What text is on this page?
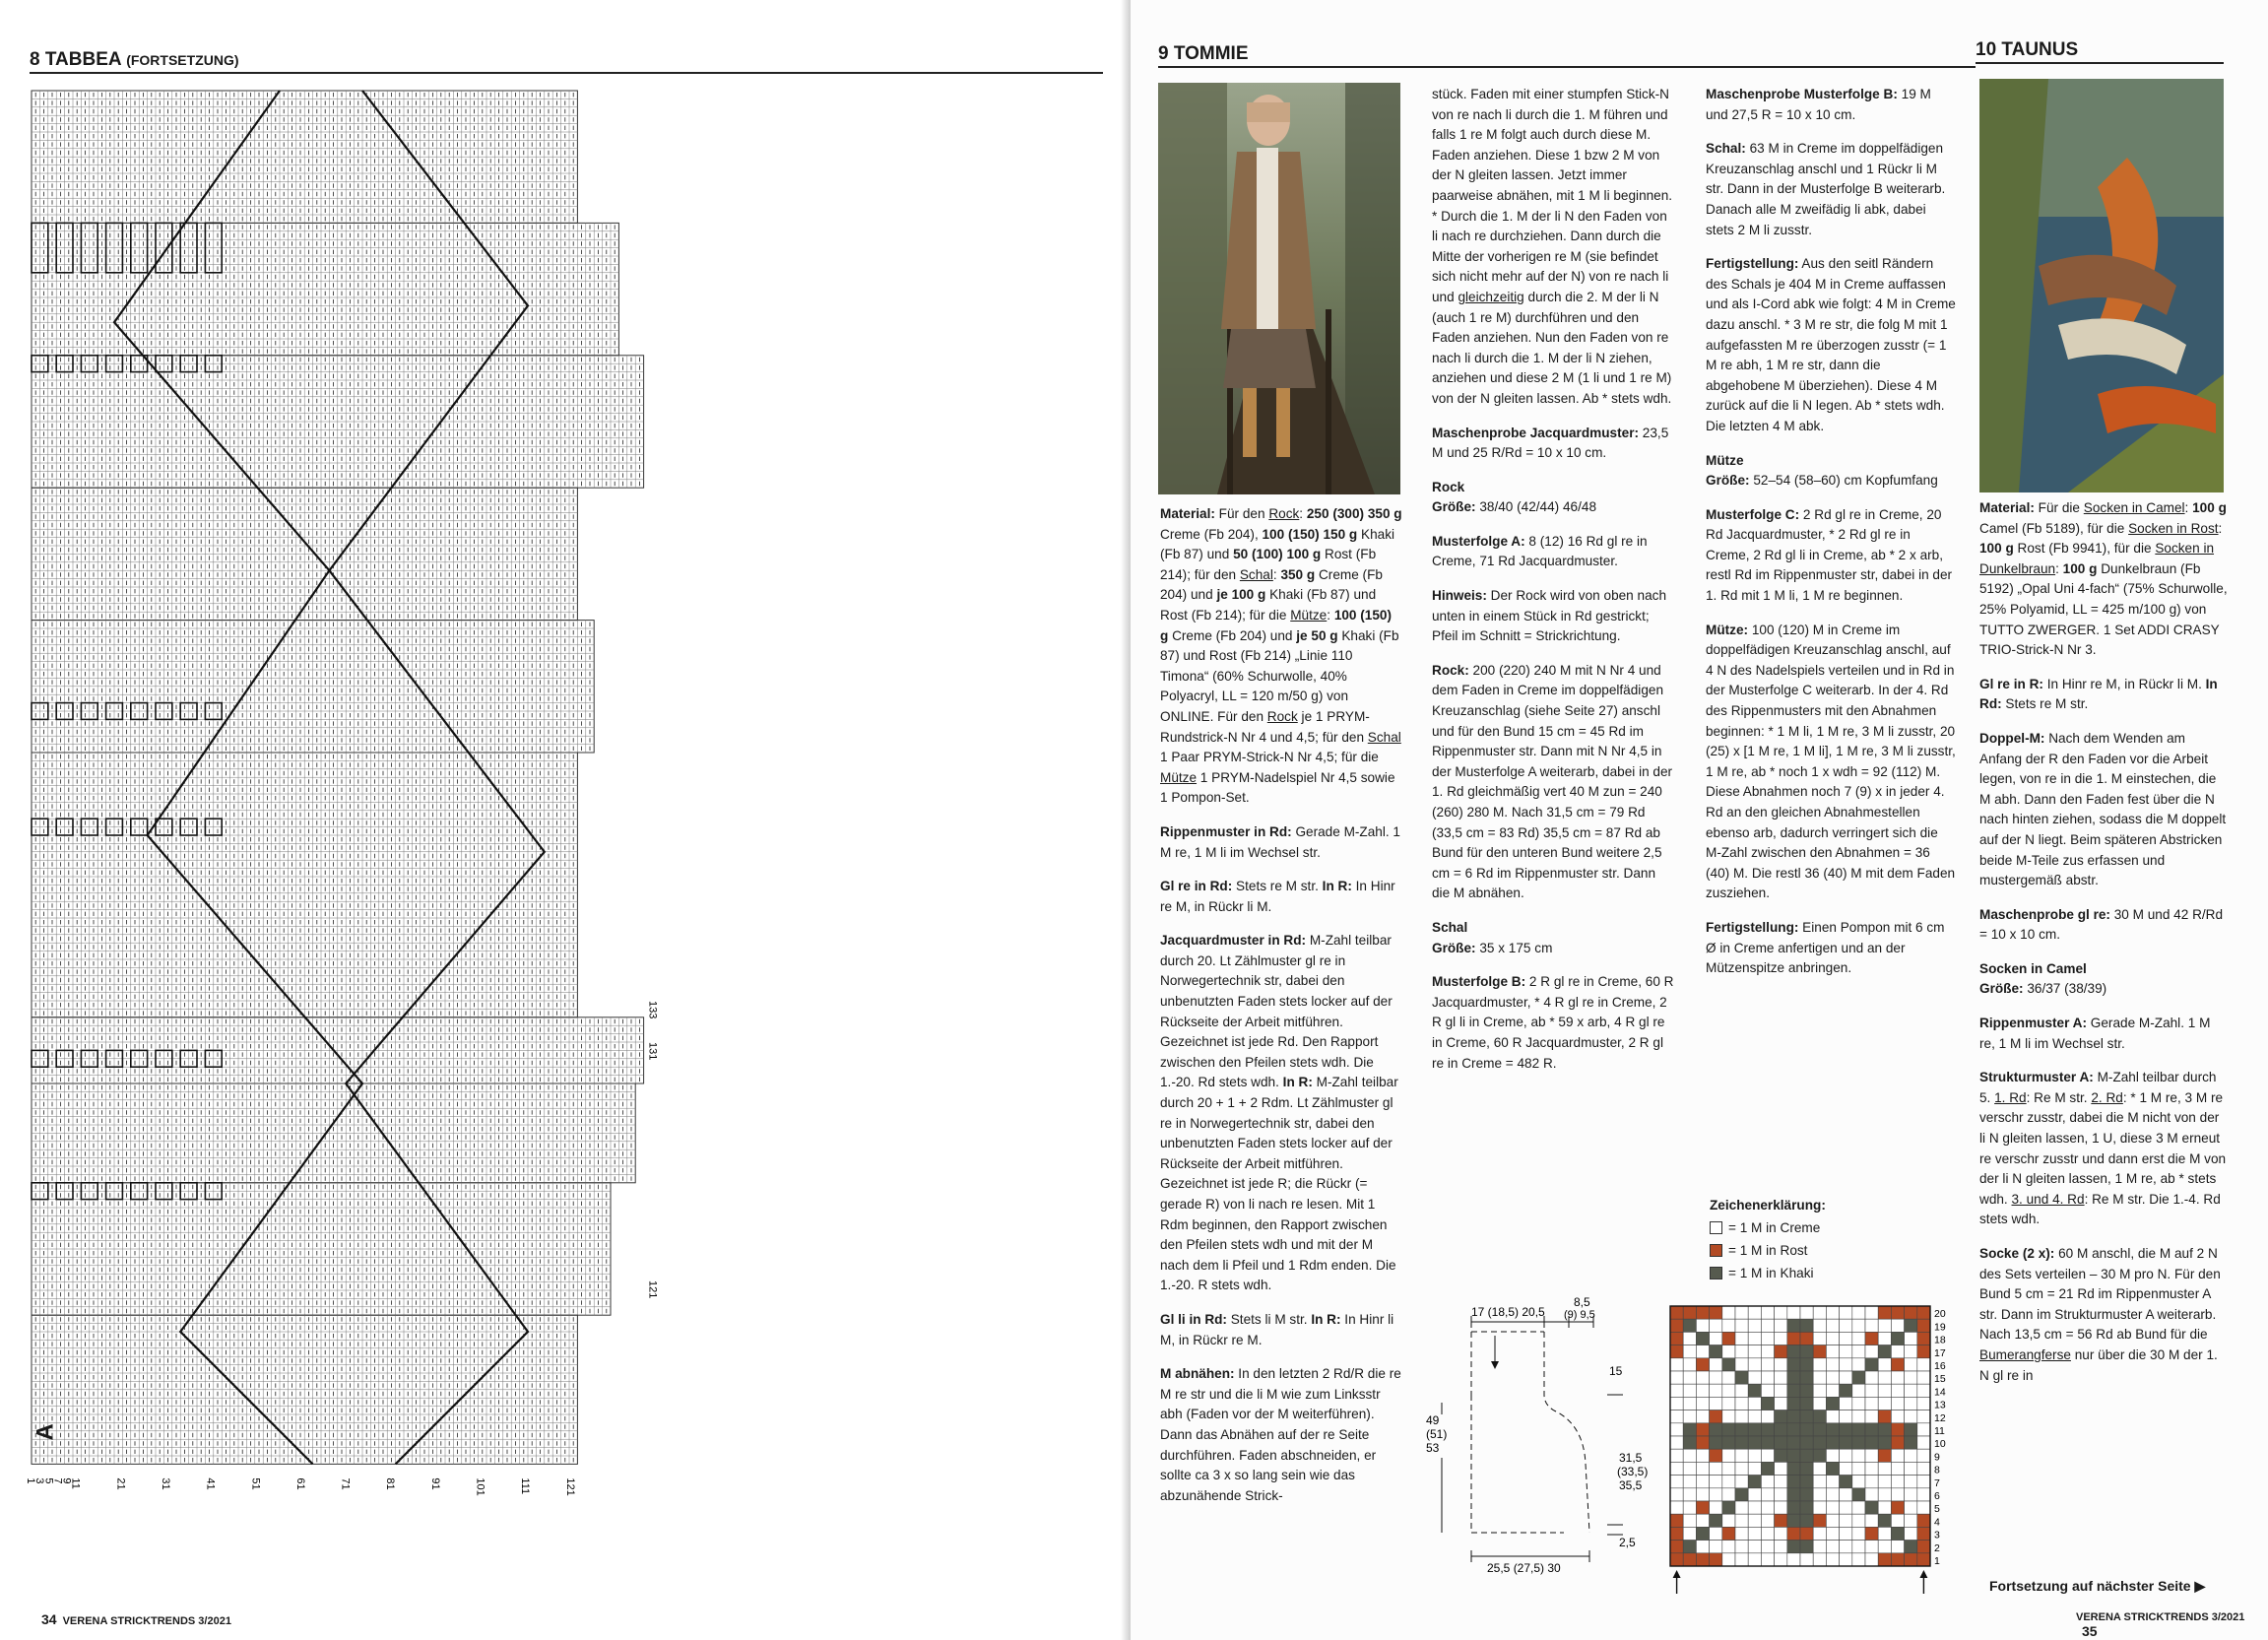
8 TABBEA (FORTSETZUNG)
1
3
5
7
9
11	21	31	41	51	61	71	81	91	101	111	121
133
131
121
A
34 VERENA STRICKTRENDS 3/2021
9 TOMMIE	10 TAUNUS

Material: Für den Rock: 250 (300) 350 g Creme (Fb 204), 100 (150) 150 g Khaki (Fb 87) und 50 (100) 100 g Rost (Fb 214); für den Schal: 350 g Creme (Fb 204) und je 100 g Khaki (Fb 87) und Rost (Fb 214); für die Mütze: 100 (150) g Creme (Fb 204) und je 50 g Khaki (Fb 87) und Rost (Fb 214) „Linie 110 Timona“ (60% Schurwolle, 40% Polyacryl, LL = 120 m/50 g) von ONLINE. Für den Rock je 1 PRYM-Rundstrick-N Nr 4 und 4,5; für den Schal 1 Paar PRYM-Strick-N Nr 4,5; für die Mütze 1 PRYM-Nadelspiel Nr 4,5 sowie 1 Pompon-Set.

Rippenmuster in Rd: Gerade M-Zahl. 1 M re, 1 M li im Wechsel str.

Gl re in Rd: Stets re M str. In R: In Hinr re M, in Rückr li M.

Jacquardmuster in Rd: M-Zahl teilbar durch 20. Lt Zählmuster gl re in Norwegertechnik str, dabei den unbenutzten Faden stets locker auf der Rückseite der Arbeit mitführen. Gezeichnet ist jede Rd. Den Rapport zwischen den Pfeilen stets wdh. Die 1.-20. Rd stets wdh. In R: M-Zahl teilbar durch 20 + 1 + 2 Rdm. Lt Zählmuster gl re in Norwegertechnik str, dabei den unbenutzten Faden stets locker auf der Rückseite der Arbeit mitführen. Gezeichnet ist jede R; die Rückr (= gerade R) von li nach re lesen. Mit 1 Rdm beginnen, den Rapport zwischen den Pfeilen stets wdh und mit der M nach dem li Pfeil und 1 Rdm enden. Die 1.-20. R stets wdh.

Gl li in Rd: Stets li M str. In R: In Hinr li M, in Rückr re M.

M abnähen: In den letzten 2 Rd/R die re M re str und die li M wie zum Linksstr abh (Faden vor der M weiterführen). Dann das Abnähen auf der re Seite durchführen. Faden abschneiden, er sollte ca 3 x so lang sein wie das abzunähende Strick-

stück. Faden mit einer stumpfen Stick-N von re nach li durch die 1. M führen und falls 1 re M folgt auch durch diese M. Faden anziehen. Diese 1 bzw 2 M von der N gleiten lassen. Jetzt immer paarweise abnähen, mit 1 M li beginnen. * Durch die 1. M der li N den Faden von li nach re durchziehen. Dann durch die Mitte der vorherigen re M (sie befindet sich nicht mehr auf der N) von re nach li und gleichzeitig durch die 2. M der li N (auch 1 re M) durchführen und den Faden anziehen. Nun den Faden von re nach li durch die 1. M der li N ziehen, anziehen und diese 2 M (1 li und 1 re M) von der N gleiten lassen. Ab * stets wdh.

Maschenprobe Jacquardmuster: 23,5 M und 25 R/Rd = 10 x 10 cm.

Rock
Größe: 38/40 (42/44) 46/48

Musterfolge A: 8 (12) 16 Rd gl re in Creme, 71 Rd Jacquardmuster.

Hinweis: Der Rock wird von oben nach unten in einem Stück in Rd gestrickt; Pfeil im Schnitt = Strickrichtung.

Rock: 200 (220) 240 M mit N Nr 4 und dem Faden in Creme im doppelfädigen Kreuzanschlag (siehe Seite 27) anschl und für den Bund 15 cm = 45 Rd im Rippenmuster str. Dann mit N Nr 4,5 in der Musterfolge A weiterarb, dabei in der 1. Rd gleichmäßig vert 40 M zun = 240 (260) 280 M. Nach 31,5 cm = 79 Rd (33,5 cm = 83 Rd) 35,5 cm = 87 Rd ab Bund für den unteren Bund weitere 2,5 cm = 6 Rd im Rippenmuster str. Dann die M abnähen.

Schal
Größe: 35 x 175 cm

Musterfolge B: 2 R gl re in Creme, 60 R Jacquardmuster, * 4 R gl re in Creme, 2 R gl li in Creme, ab * 59 x arb, 4 R gl re in Creme, 60 R Jacquardmuster, 2 R gl re in Creme = 482 R.

Maschenprobe Musterfolge B: 19 M und 27,5 R = 10 x 10 cm.

Schal: 63 M in Creme im doppelfädigen Kreuzanschlag anschl und 1 Rückr li M str. Dann in der Musterfolge B weiterarb. Danach alle M zweifädig li abk, dabei stets 2 M li zusstr.

Fertigstellung: Aus den seitl Rändern des Schals je 404 M in Creme auffassen und als I-Cord abk wie folgt: 4 M in Creme dazu anschl. * 3 M re str, die folg M mit 1 aufgefassten M re überzogen zusstr (= 1 M re abh, 1 M re str, dann die abgehobene M überziehen). Diese 4 M zurück auf die li N legen. Ab * stets wdh. Die letzten 4 M abk.

Mütze
Größe: 52–54 (58–60) cm Kopfumfang

Musterfolge C: 2 Rd gl re in Creme, 20 Rd Jacquardmuster, * 2 Rd gl re in Creme, 2 Rd gl li in Creme, ab * 2 x arb, restl Rd im Rippenmuster str, dabei in der 1. Rd mit 1 M li, 1 M re beginnen.

Mütze: 100 (120) M in Creme im doppelfädigen Kreuzanschlag anschl, auf 4 N des Nadelspiels verteilen und in Rd in der Musterfolge C weiterarb. In der 4. Rd des Rippenmusters mit den Abnahmen beginnen: * 1 M li, 1 M re, 3 M li zusstr, 20 (25) x [1 M re, 1 M li], 1 M re, 3 M li zusstr, 1 M re, ab * noch 1 x wdh = 92 (112) M. Diese Abnahmen noch 7 (9) x in jeder 4. Rd an den gleichen Abnahmestellen ebenso arb, dadurch verringert sich die M-Zahl zwischen den Abnahmen = 36 (40) M. Die restl 36 (40) M mit dem Faden zusziehen.

Fertigstellung: Einen Pompon mit 6 cm Ø in Creme anfertigen und an der Mützenspitze anbringen.

Zeichenerklärung:
= 1 M in Creme
= 1 M in Rost
= 1 M in Khaki
17 (18,5) 20,5
8,5
(9) 9,5
15
49
(51)
53
31,5
(33,5)
35,5
2,5
25,5 (27,5) 30	1
2
3
4
5
6
7
8
9
10
11
12
13
14
15
16
17
18
19
20

Material: Für die Socken in Camel: 100 g Camel (Fb 5189), für die Socken in Rost: 100 g Rost (Fb 9941), für die Socken in Dunkelbraun: 100 g Dunkelbraun (Fb 5192) „Opal Uni 4-fach“ (75% Schurwolle, 25% Polyamid, LL = 425 m/100 g) von TUTTO ZWERGER. 1 Set ADDI CRASY TRIO-Strick-N Nr 3.

Gl re in R: In Hinr re M, in Rückr li M. In Rd: Stets re M str.

Doppel-M: Nach dem Wenden am Anfang der R den Faden vor die Arbeit legen, von re in die 1. M einstechen, die M abh. Dann den Faden fest über die N nach hinten ziehen, sodass die M doppelt auf der N liegt. Beim späteren Abstricken beide M-Teile zus erfassen und mustergemäß abstr.

Maschenprobe gl re: 30 M und 42 R/Rd = 10 x 10 cm.

Socken in Camel
Größe: 36/37 (38/39)

Rippenmuster A: Gerade M-Zahl. 1 M re, 1 M li im Wechsel str.

Strukturmuster A: M-Zahl teilbar durch 5. 1. Rd: Re M str. 2. Rd: * 1 M re, 3 M re verschr zusstr, dabei die M nicht von der li N gleiten lassen, 1 U, diese 3 M erneut re verschr zusstr und dann erst die M von der li N gleiten lassen, 1 M re, ab * stets wdh. 3. und 4. Rd: Re M str. Die 1.-4. Rd stets wdh.

Socke (2 x): 60 M anschl, die M auf 2 N des Sets verteilen – 30 M pro N. Für den Bund 5 cm = 21 Rd im Rippenmuster A str. Dann im Strukturmuster A weiterarb. Nach 13,5 cm = 56 Rd ab Bund für die Bumerangferse nur über die 30 M der 1. N gl re in

Fortsetzung auf nächster Seite ▶
VERENA STRICKTRENDS 3/2021 35
